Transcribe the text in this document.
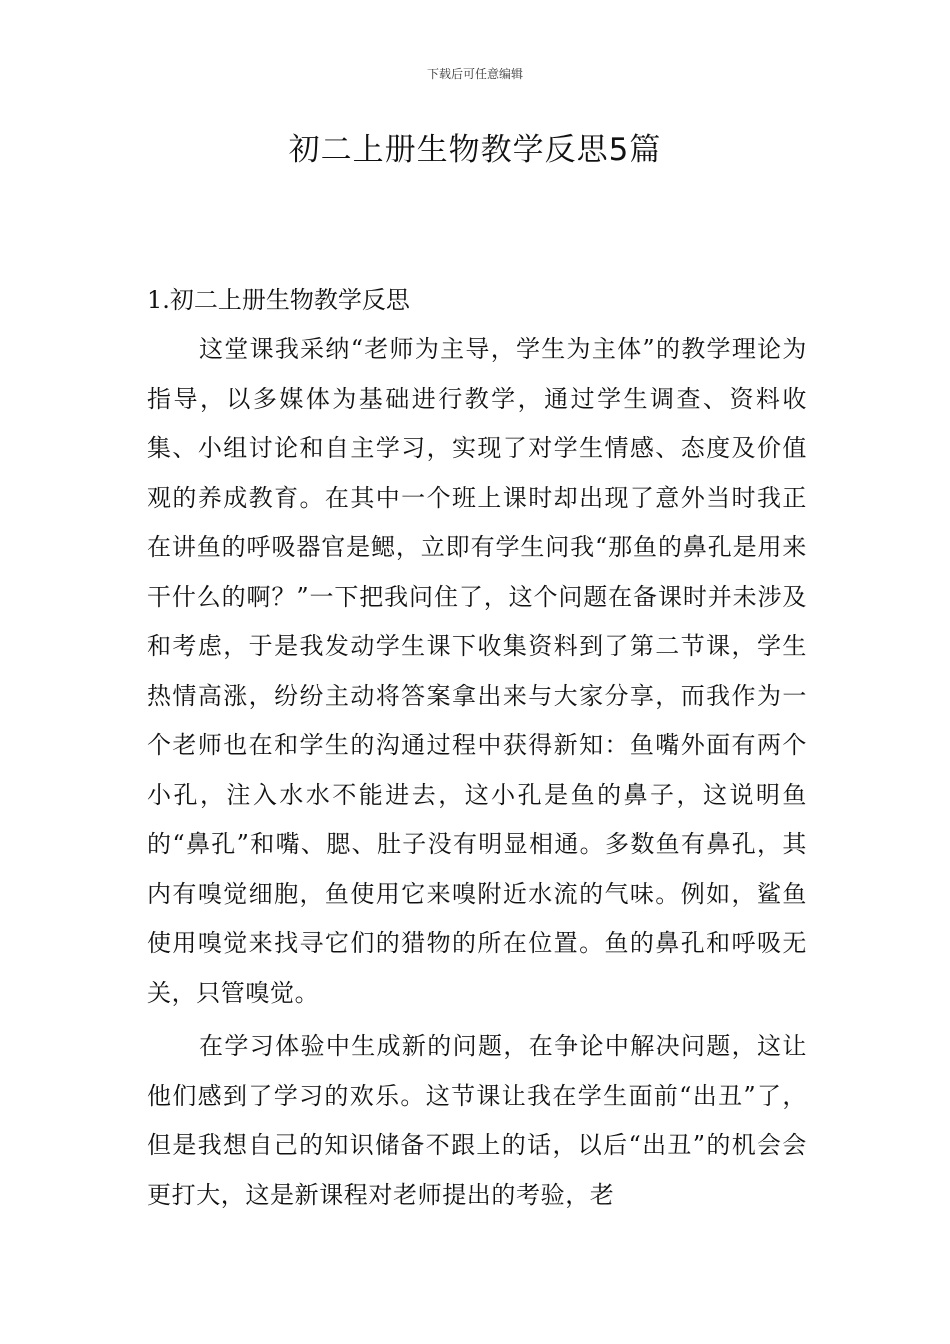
下载后可任意编辑
初二上册生物教学反思5篇
1.初二上册生物教学反思

这堂课我采纳“老师为主导，学生为主体”的教学理论为指导，以多媒体为基础进行教学，通过学生调查、资料收集、小组讨论和自主学习，实现了对学生情感、态度及价值观的养成教育。在其中一个班上课时却出现了意外当时我正在讲鱼的呼吸器官是鳃，立即有学生问我“那鱼的鼻孔是用来干什么的啊？”一下把我问住了，这个问题在备课时并未涉及和考虑，于是我发动学生课下收集资料到了第二节课，学生热情高涨，纷纷主动将答案拿出来与大家分享，而我作为一个老师也在和学生的沟通过程中获得新知：鱼嘴外面有两个小孔，注入水水不能进去，这小孔是鱼的鼻子，这说明鱼的“鼻孔”和嘴、腮、肚子没有明显相通。多数鱼有鼻孔，其内有嗅觉细胞，鱼使用它来嗅附近水流的气味。例如，鲨鱼使用嗅觉来找寻它们的猎物的所在位置。鱼的鼻孔和呼吸无关，只管嗅觉。

在学习体验中生成新的问题，在争论中解决问题，这让他们感到了学习的欢乐。这节课让我在学生面前“出丑”了，但是我想自己的知识储备不跟上的话，以后“出丑”的机会会更打大，这是新课程对老师提出的考验，老
